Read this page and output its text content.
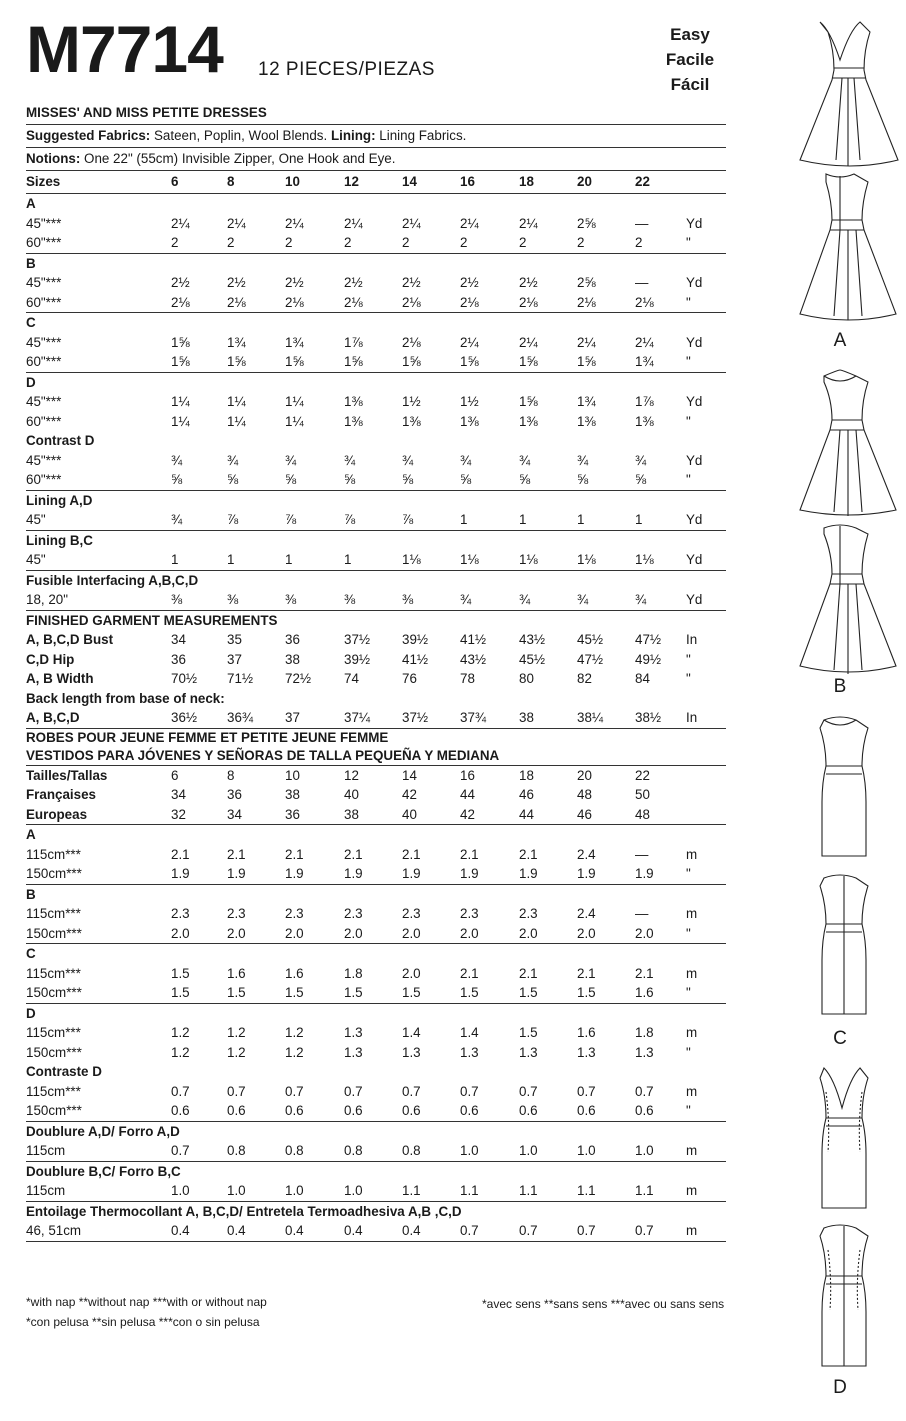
M7714 12 PIECES/PIEZAS
Easy
Facile
Fácil
MISSES' AND MISS PETITE DRESSES
Suggested Fabrics: Sateen, Poplin, Wool Blends. Lining: Lining Fabrics.
Notions: One 22" (55cm) Invisible Zipper, One Hook and Eye.
Sizes	6	8	10	12	14	16	18	20	22
A
45"***	2¼	2¼	2¼	2¼	2¼	2¼	2¼	2⅝	—	Yd
60"***	2	2	2	2	2	2	2	2	2	"
B
45"***	2½	2½	2½	2½	2½	2½	2½	2⅝	—	Yd
60"***	2⅛	2⅛	2⅛	2⅛	2⅛	2⅛	2⅛	2⅛	2⅛	"
C
45"***	1⅝	1¾	1¾	1⅞	2⅛	2¼	2¼	2¼	2¼	Yd
60"***	1⅝	1⅝	1⅝	1⅝	1⅝	1⅝	1⅝	1⅝	1¾	"
D
45"***	1¼	1¼	1¼	1⅜	1½	1½	1⅝	1¾	1⅞	Yd
60"***	1¼	1¼	1¼	1⅜	1⅜	1⅜	1⅜	1⅜	1⅜	"
Contrast D
45"***	¾	¾	¾	¾	¾	¾	¾	¾	¾	Yd
60"***	⅝	⅝	⅝	⅝	⅝	⅝	⅝	⅝	⅝	"
Lining A,D
45"	¾	⅞	⅞	⅞	⅞	1	1	1	1	Yd
Lining B,C
45"	1	1	1	1	1⅛	1⅛	1⅛	1⅛	1⅛	Yd
Fusible Interfacing A,B,C,D
18, 20"	⅜	⅜	⅜	⅜	⅜	¾	¾	¾	¾	Yd
FINISHED GARMENT MEASUREMENTS
A, B,C,D Bust	34	35	36	37½	39½	41½	43½	45½	47½	In
C,D Hip	36	37	38	39½	41½	43½	45½	47½	49½	"
A, B Width	70½	71½	72½	74	76	78	80	82	84	"
Back length from base of neck:
A, B,C,D	36½	36¾	37	37¼	37½	37¾	38	38¼	38½	In
ROBES POUR JEUNE FEMME ET PETITE JEUNE FEMME
VESTIDOS PARA JÓVENES Y SEÑORAS DE TALLA PEQUEÑA Y MEDIANA
Tailles/Tallas	6	8	10	12	14	16	18	20	22
Françaises	34	36	38	40	42	44	46	48	50
Europeas	32	34	36	38	40	42	44	46	48
A
115cm***	2.1	2.1	2.1	2.1	2.1	2.1	2.1	2.4	—	m
150cm***	1.9	1.9	1.9	1.9	1.9	1.9	1.9	1.9	1.9	"
B
115cm***	2.3	2.3	2.3	2.3	2.3	2.3	2.3	2.4	—	m
150cm***	2.0	2.0	2.0	2.0	2.0	2.0	2.0	2.0	2.0	"
C
115cm***	1.5	1.6	1.6	1.8	2.0	2.1	2.1	2.1	2.1	m
150cm***	1.5	1.5	1.5	1.5	1.5	1.5	1.5	1.5	1.6	"
D
115cm***	1.2	1.2	1.2	1.3	1.4	1.4	1.5	1.6	1.8	m
150cm***	1.2	1.2	1.2	1.3	1.3	1.3	1.3	1.3	1.3	"
Contraste D
115cm***	0.7	0.7	0.7	0.7	0.7	0.7	0.7	0.7	0.7	m
150cm***	0.6	0.6	0.6	0.6	0.6	0.6	0.6	0.6	0.6	"
Doublure A,D/ Forro A,D
115cm	0.7	0.8	0.8	0.8	0.8	1.0	1.0	1.0	1.0	m
Doublure B,C/ Forro B,C
115cm	1.0	1.0	1.0	1.0	1.1	1.1	1.1	1.1	1.1	m
Entoilage Thermocollant A, B,C,D/ Entretela Termoadhesiva A,B ,C,D
46, 51cm	0.4	0.4	0.4	0.4	0.4	0.7	0.7	0.7	0.7	m
*with nap **without nap ***with or without nap
*con pelusa **sin pelusa ***con o sin pelusa
*avec sens **sans sens ***avec ou sans sens
A
B
C
D
